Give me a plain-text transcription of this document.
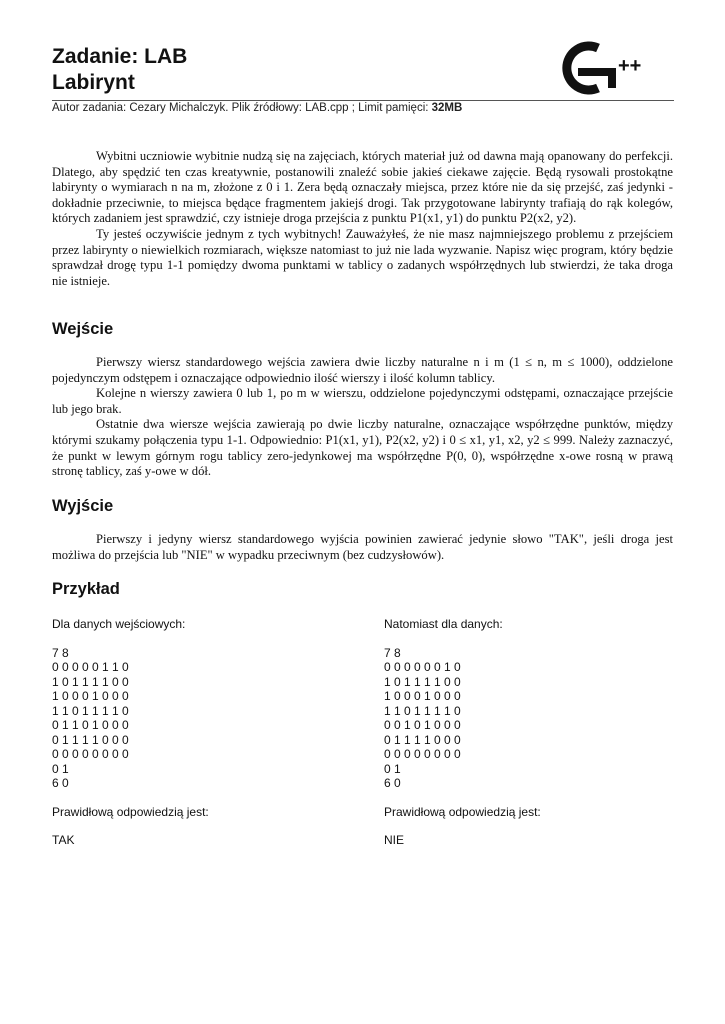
Zadanie: LAB
Labirynt
++
Autor zadania: Cezary Michalczyk. Plik źródłowy: LAB.cpp ; Limit pamięci: 32MB

Wybitni uczniowie wybitnie nudzą się na zajęciach, których materiał już od dawna mają opanowany do perfekcji. Dlatego, aby spędzić ten czas kreatywnie, postanowili znaleźć sobie jakieś ciekawe zajęcie. Będą rysowali prostokątne labirynty o wymiarach n na m, złożone z 0 i 1. Zera będą oznaczały miejsca, przez które nie da się przejść, zaś jedynki - dokładnie przeciwnie, to miejsca będące fragmentem jakiejś drogi. Tak przygotowane labirynty trafiają do rąk kolegów, których zadaniem jest sprawdzić, czy istnieje droga przejścia z punktu P1(x1, y1) do punktu P2(x2, y2).
Ty jesteś oczywiście jednym z tych wybitnych! Zauważyłeś, że nie masz najmniejszego problemu z przejściem przez labirynty o niewielkich rozmiarach, większe natomiast to już nie lada wyzwanie. Napisz więc program, który będzie sprawdzał drogę typu 1-1 pomiędzy dwoma punktami w tablicy o zadanych współrzędnych lub stwierdzi, że taka droga nie istnieje.

Wejście

Pierwszy wiersz standardowego wejścia zawiera dwie liczby naturalne n i m (1 ≤ n, m ≤ 1000), oddzielone pojedynczym odstępem i oznaczające odpowiednio ilość wierszy i ilość kolumn tablicy.
Kolejne n wierszy zawiera 0 lub 1, po m w wierszu, oddzielone pojedynczymi odstępami, oznaczające przejście lub jego brak.
Ostatnie dwa wiersze wejścia zawierają po dwie liczby naturalne, oznaczające współrzędne punktów, między którymi szukamy połączenia typu 1-1. Odpowiednio: P1(x1, y1), P2(x2, y2) i 0 ≤ x1, y1, x2, y2 ≤ 999. Należy zaznaczyć, że punkt w lewym górnym rogu tablicy zero-jedynkowej ma współrzędne P(0, 0), współrzędne x-owe rosną w prawą stronę tablicy, zaś y-owe w dół.

Wyjście

Pierwszy i jedyny wiersz standardowego wyjścia powinien zawierać jedynie słowo "TAK", jeśli droga jest możliwa do przejścia lub "NIE" w wypadku przeciwnym (bez cudzysłowów).

Przykład
Dla danych wejściowych:
7 8
0 0 0 0 0 1 1 0
1 0 1 1 1 1 0 0
1 0 0 0 1 0 0 0
1 1 0 1 1 1 1 0
0 1 1 0 1 0 0 0
0 1 1 1 1 0 0 0
0 0 0 0 0 0 0 0
0 1
6 0
Prawidłową odpowiedzią jest:
TAK
Natomiast dla danych:
7 8
0 0 0 0 0 0 1 0
1 0 1 1 1 1 0 0
1 0 0 0 1 0 0 0
1 1 0 1 1 1 1 0
0 0 1 0 1 0 0 0
0 1 1 1 1 0 0 0
0 0 0 0 0 0 0 0
0 1
6 0
Prawidłową odpowiedzią jest:
NIE
